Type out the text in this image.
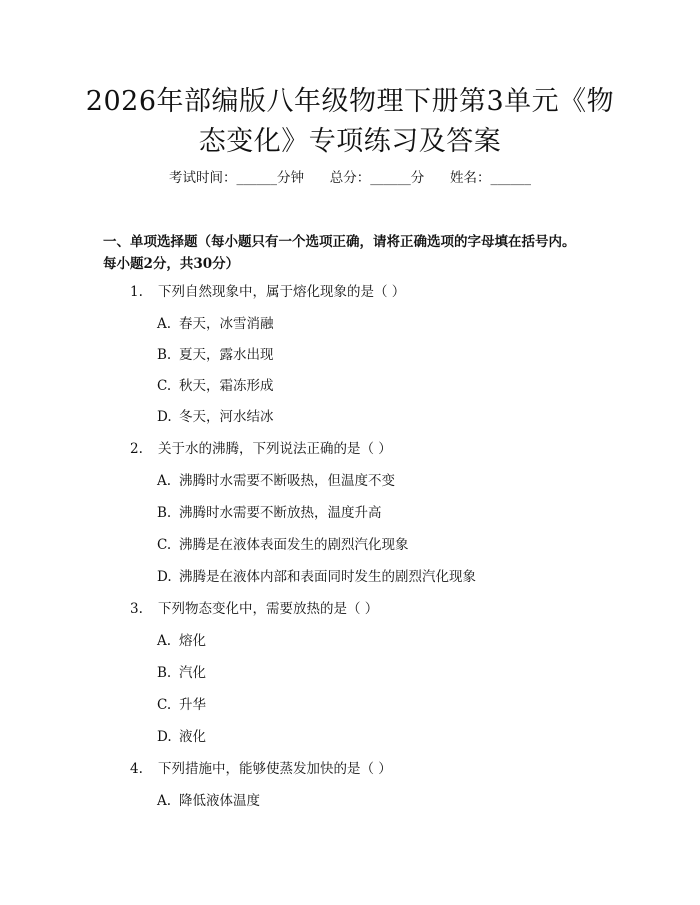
2026年部编版八年级物理下册第3单元《物
态变化》专项练习及答案
考试时间：______分钟      总分：______分      姓名：______
一、单项选择题（每小题只有一个选项正确，请将正确选项的字母填在括号内。
每小题2分，共30分）
1. 下列自然现象中，属于熔化现象的是（ ）
A. 春天，冰雪消融
B. 夏天，露水出现
C. 秋天，霜冻形成
D. 冬天，河水结冰
2. 关于水的沸腾，下列说法正确的是（ ）
A. 沸腾时水需要不断吸热，但温度不变
B. 沸腾时水需要不断放热，温度升高
C. 沸腾是在液体表面发生的剧烈汽化现象
D. 沸腾是在液体内部和表面同时发生的剧烈汽化现象
3. 下列物态变化中，需要放热的是（ ）
A. 熔化
B. 汽化
C. 升华
D. 液化
4. 下列措施中，能够使蒸发加快的是（ ）
A. 降低液体温度
